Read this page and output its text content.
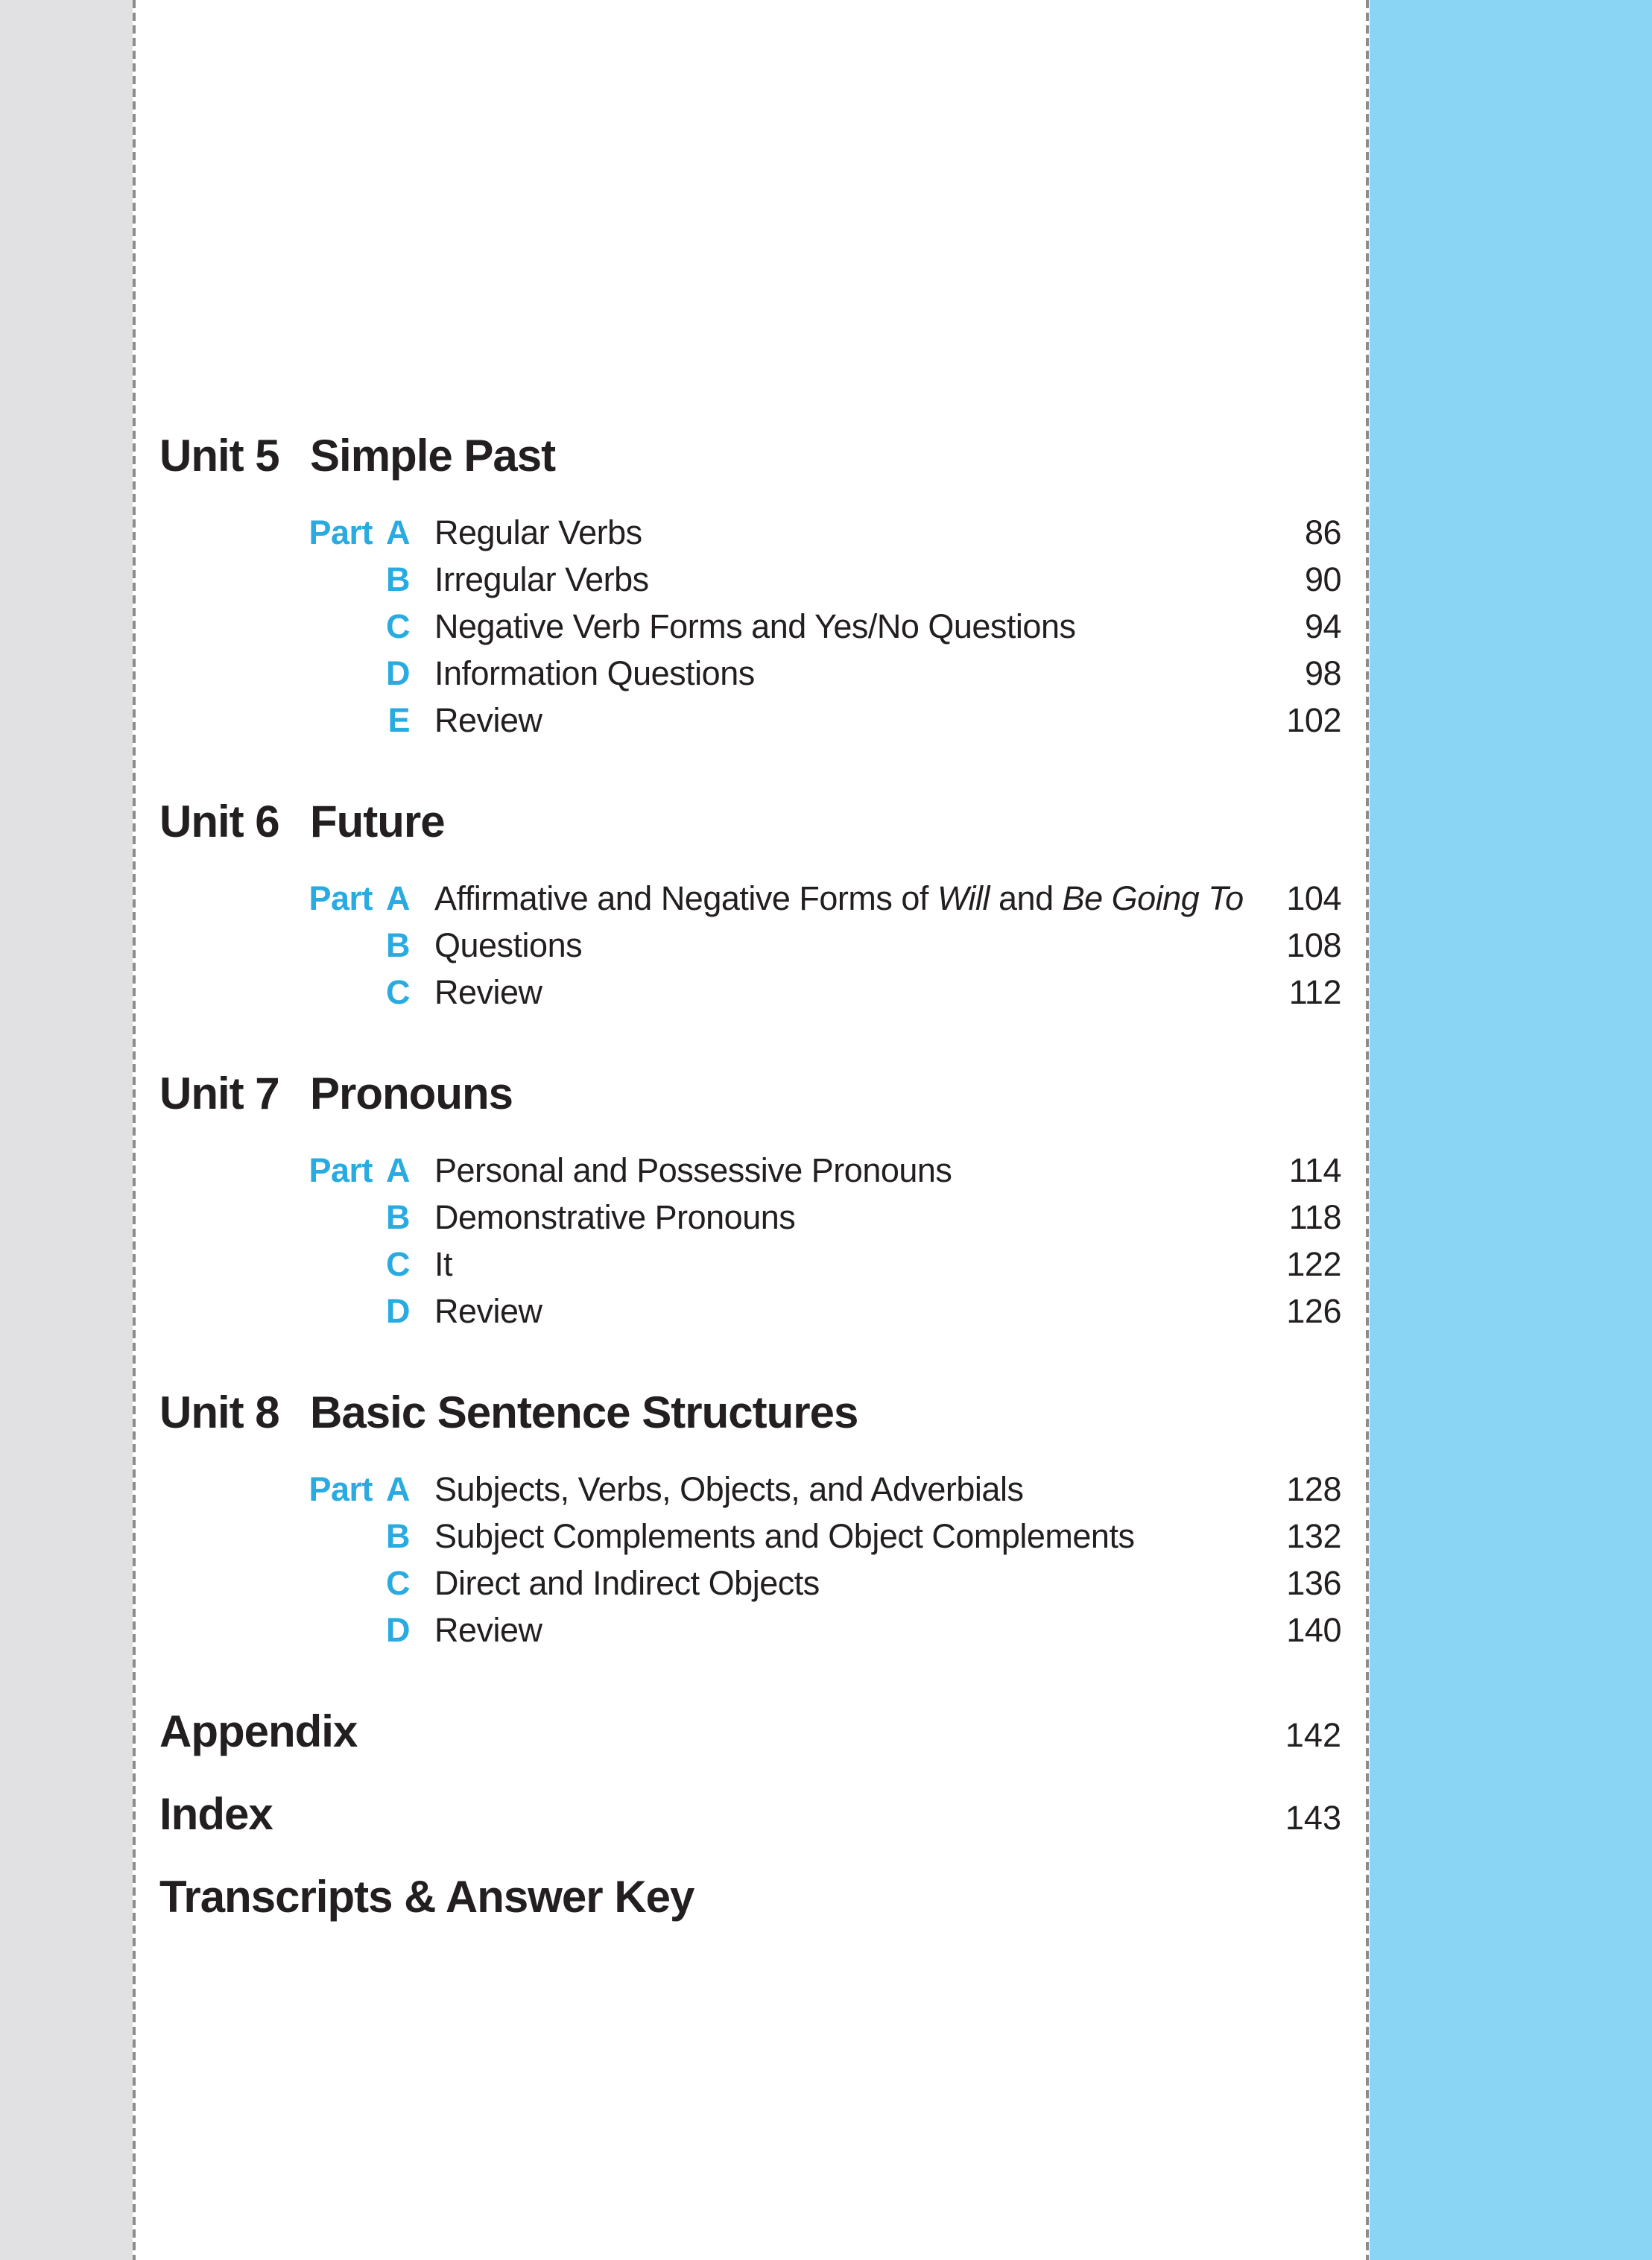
Unit 5 Simple Past
Part A Regular Verbs	86
B Irregular Verbs	90
C Negative Verb Forms and Yes/No Questions	94
D Information Questions	98
E Review	102
Unit 6 Future
Part A Affirmative and Negative Forms of Will and Be Going To	104
B Questions	108
C Review	112
Unit 7 Pronouns
Part A Personal and Possessive Pronouns	114
B Demonstrative Pronouns	118
C It	122
D Review	126
Unit 8 Basic Sentence Structures
Part A Subjects, Verbs, Objects, and Adverbials	128
B Subject Complements and Object Complements	132
C Direct and Indirect Objects	136
D Review	140
Appendix	142
Index	143
Transcripts & Answer Key
